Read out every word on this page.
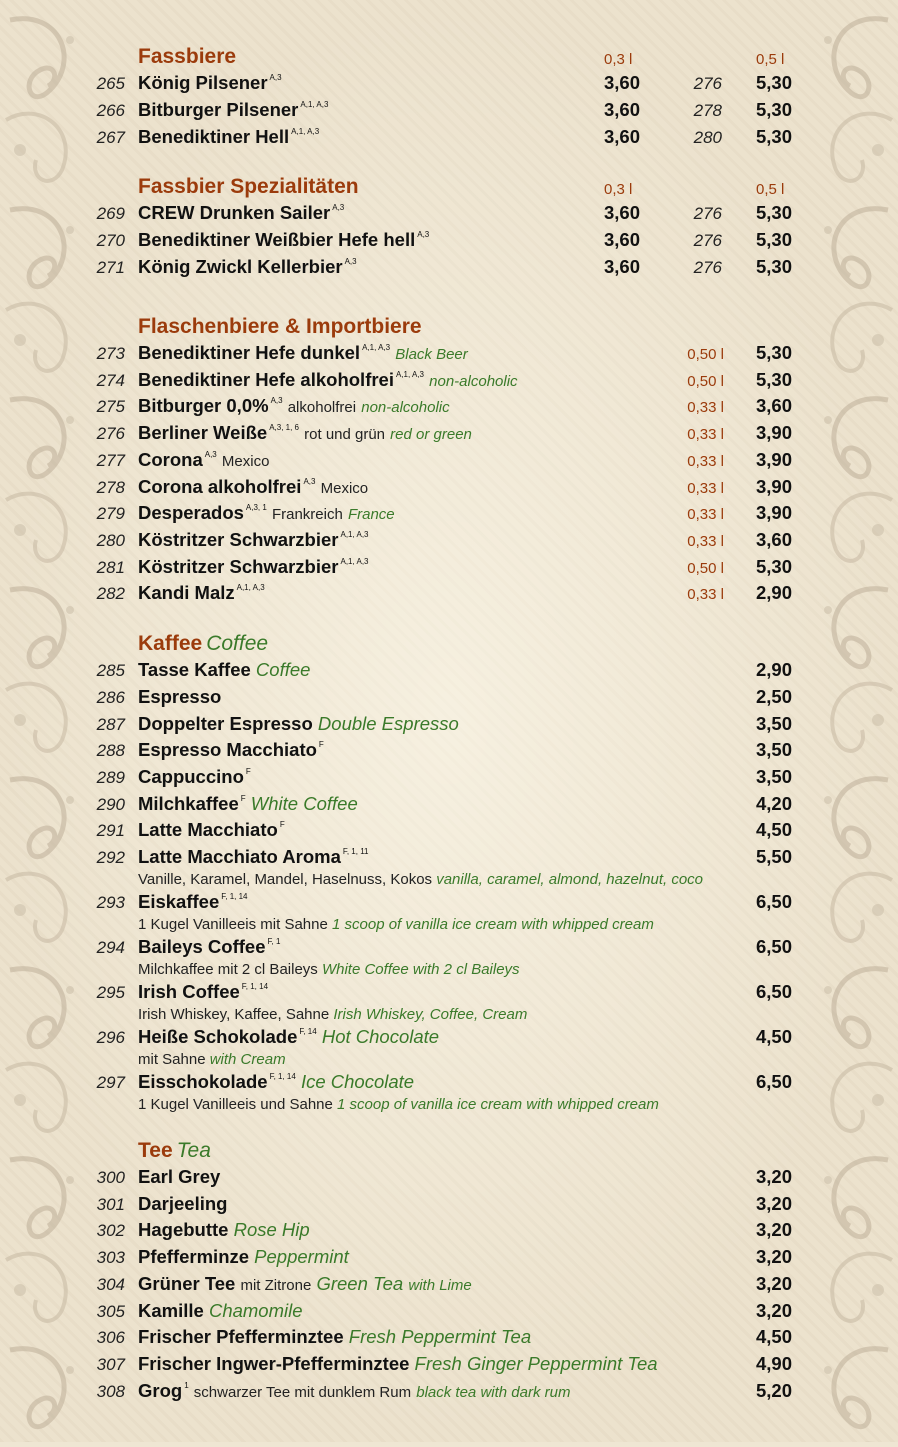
Fassbiere	0,3 l	0,5 l
265 König Pilsener $^{A,3}$	3,60	276	5,30
266 Bitburger Pilsener $^{A,1, A,3}$	3,60	278	5,30
267 Benediktiner Hell $^{A,1, A,3}$	3,60	280	5,30
Fassbier Spezialitäten	0,3 l	0,5 l
269 CREW Drunken Sailer $^{A,3}$	3,60	276	5,30
270 Benediktiner Weißbier Hefe hell $^{A,3}$	3,60	276	5,30
271 König Zwickl Kellerbier $^{A,3}$	3,60	276	5,30
Flaschenbiere & Importbiere
273 Benediktiner Hefe dunkel $^{A,1, A,3}$ Black Beer	0,50 l	5,30
274 Benediktiner Hefe alkoholfrei $^{A,1, A,3}$ non-alcoholic	0,50 l	5,30
275 Bitburger 0,0% $^{A,3}$ alkoholfrei non-alcoholic	0,33 l	3,60
276 Berliner Weiße $^{A,3, 1, 6}$ rot und grün red or green	0,33 l	3,90
277 Corona $^{A,3}$ Mexico	0,33 l	3,90
278 Corona alkoholfrei $^{A,3}$ Mexico	0,33 l	3,90
279 Desperados $^{A,3, 1}$ Frankreich France	0,33 l	3,90
280 Köstritzer Schwarzbier $^{A,1, A,3}$	0,33 l	3,60
281 Köstritzer Schwarzbier $^{A,1, A,3}$	0,50 l	5,30
282 Kandi Malz $^{A,1, A,3}$	0,33 l	2,90
Kaffee Coffee
285 Tasse Kaffee Coffee	2,90
286 Espresso	2,50
287 Doppelter Espresso Double Espresso	3,50
288 Espresso Macchiato $^F$	3,50
289 Cappuccino $^F$	3,50
290 Milchkaffee $^F$ White Coffee	4,20
291 Latte Macchiato $^F$	4,50
292 Latte Macchiato Aroma $^{F, 1, 11}$	5,50
Vanille, Karamel, Mandel, Haselnuss, Kokos vanilla, caramel, almond, hazelnut, coco
293 Eiskaffee $^{F, 1, 14}$	6,50
1 Kugel Vanilleeis mit Sahne 1 scoop of vanilla ice cream with whipped cream
294 Baileys Coffee $^{F, 1}$	6,50
Milchkaffee mit 2 cl Baileys White Coffee with 2 cl Baileys
295 Irish Coffee $^{F, 1, 14}$	6,50
Irish Whiskey, Kaffee, Sahne Irish Whiskey, Coffee, Cream
296 Heiße Schokolade $^{F, 14}$ Hot Chocolate	4,50
mit Sahne with Cream
297 Eisschokolade $^{F, 1, 14}$ Ice Chocolate	6,50
1 Kugel Vanilleeis und Sahne 1 scoop of vanilla ice cream with whipped cream
Tee Tea
300 Earl Grey	3,20
301 Darjeeling	3,20
302 Hagebutte Rose Hip	3,20
303 Pfefferminze Peppermint	3,20
304 Grüner Tee mit Zitrone Green Tea with Lime	3,20
305 Kamille Chamomile	3,20
306 Frischer Pfefferminztee Fresh Peppermint Tea	4,50
307 Frischer Ingwer-Pfefferminztee Fresh Ginger Peppermint Tea	4,90
308 Grog $^1$ schwarzer Tee mit dunklem Rum black tea with dark rum	5,20
